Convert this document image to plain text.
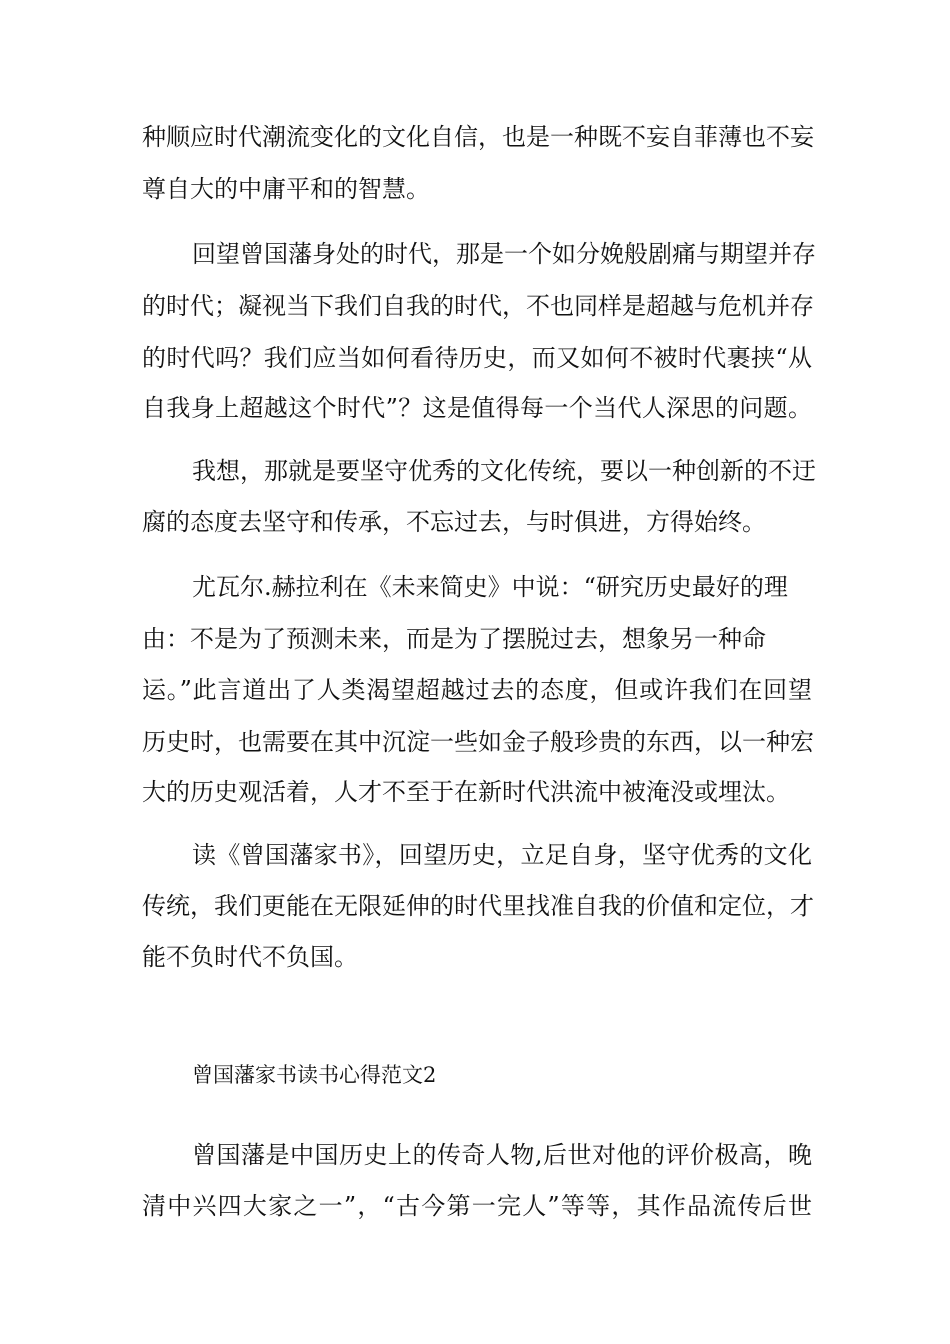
种顺应时代潮流变化的文化自信，也是一种既不妄自菲薄也不妄
尊自大的中庸平和的智慧。
回望曾国藩身处的时代，那是一个如分娩般剧痛与期望并存
的时代；凝视当下我们自我的时代，不也同样是超越与危机并存
的时代吗？我们应当如何看待历史，而又如何不被时代裹挟“从
自我身上超越这个时代”？这是值得每一个当代人深思的问题。
我想，那就是要坚守优秀的文化传统，要以一种创新的不迂
腐的态度去坚守和传承，不忘过去，与时俱进，方得始终。
尤瓦尔.赫拉利在《未来简史》中说：“研究历史最好的理
由：不是为了预测未来，而是为了摆脱过去，想象另一种命
运。”此言道出了人类渴望超越过去的态度，但或许我们在回望
历史时，也需要在其中沉淀一些如金子般珍贵的东西，以一种宏
大的历史观活着，人才不至于在新时代洪流中被淹没或埋汰。
读《曾国藩家书》，回望历史，立足自身，坚守优秀的文化
传统，我们更能在无限延伸的时代里找准自我的价值和定位，才
能不负时代不负国。
曾国藩家书读书心得范文2
曾国藩是中国历史上的传奇人物,后世对他的评价极高，晚
清中兴四大家之一”，“古今第一完人”等等，其作品流传后世
